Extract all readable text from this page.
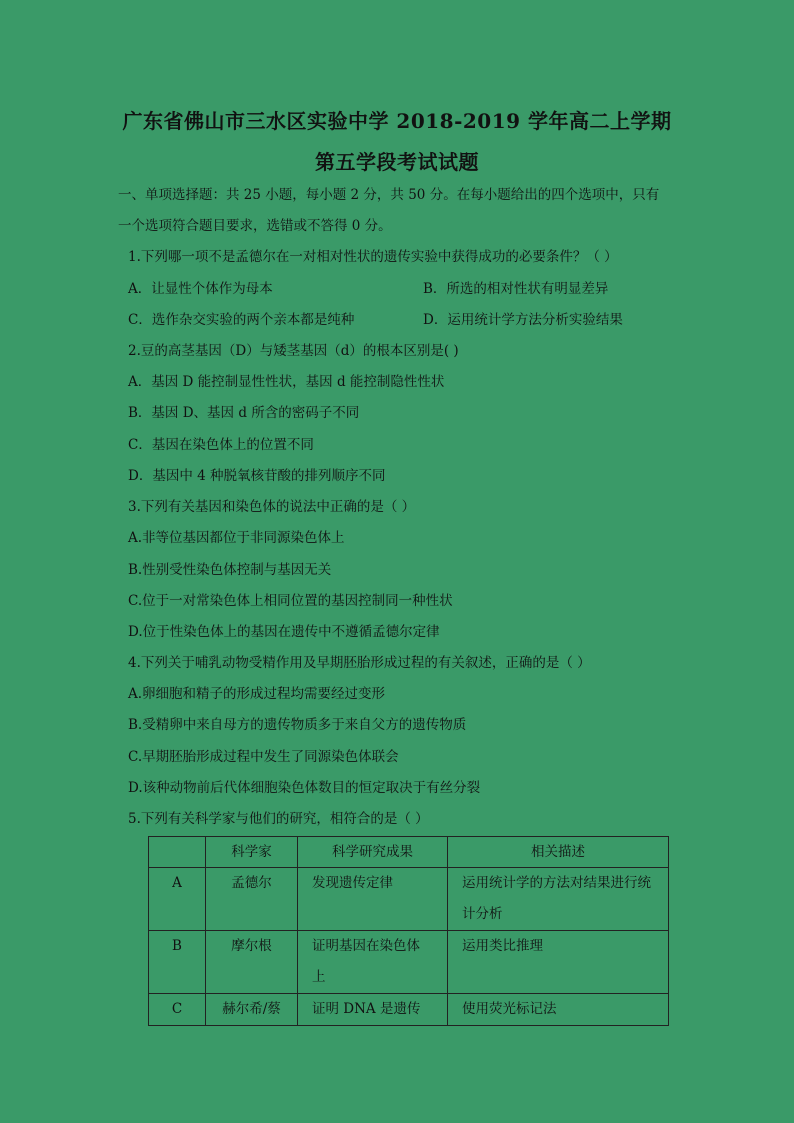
广东省佛山市三水区实验中学 2018-2019 学年高二上学期
第五学段考试试题
一、单项选择题：共 25 小题，每小题 2 分，共 50 分。在每小题给出的四个选项中，只有
一个选项符合题目要求，选错或不答得 0 分。
1.下列哪一项不是孟德尔在一对相对性状的遗传实验中获得成功的必要条件？（ ）
A．让显性个体作为母本	B．所选的相对性状有明显差异
C．选作杂交实验的两个亲本都是纯种	D．运用统计学方法分析实验结果
2.豆的高茎基因（D）与矮茎基因（d）的根本区别是( )
A．基因 D 能控制显性性状，基因 d 能控制隐性性状
B．基因 D、基因 d 所含的密码子不同
C．基因在染色体上的位置不同
D．基因中 4 种脱氧核苷酸的排列顺序不同
3.下列有关基因和染色体的说法中正确的是（ ）
A.非等位基因都位于非同源染色体上
B.性别受性染色体控制与基因无关
C.位于一对常染色体上相同位置的基因控制同一种性状
D.位于性染色体上的基因在遗传中不遵循孟德尔定律
4.下列关于哺乳动物受精作用及早期胚胎形成过程的有关叙述，正确的是（ ）
A.卵细胞和精子的形成过程均需要经过变形
B.受精卵中来自母方的遗传物质多于来自父方的遗传物质
C.早期胚胎形成过程中发生了同源染色体联会
D.该种动物前后代体细胞染色体数目的恒定取决于有丝分裂
5.下列有关科学家与他们的研究，相符合的是（ ）
	科学家	科学研究成果	相关描述
A	孟德尔	发现遗传定律	运用统计学的方法对结果进行统计分析

B	摩尔根	证明基因在染色体上	运用类比推理
C	赫尔希/蔡	证明 DNA 是遗传	使用荧光标记法
